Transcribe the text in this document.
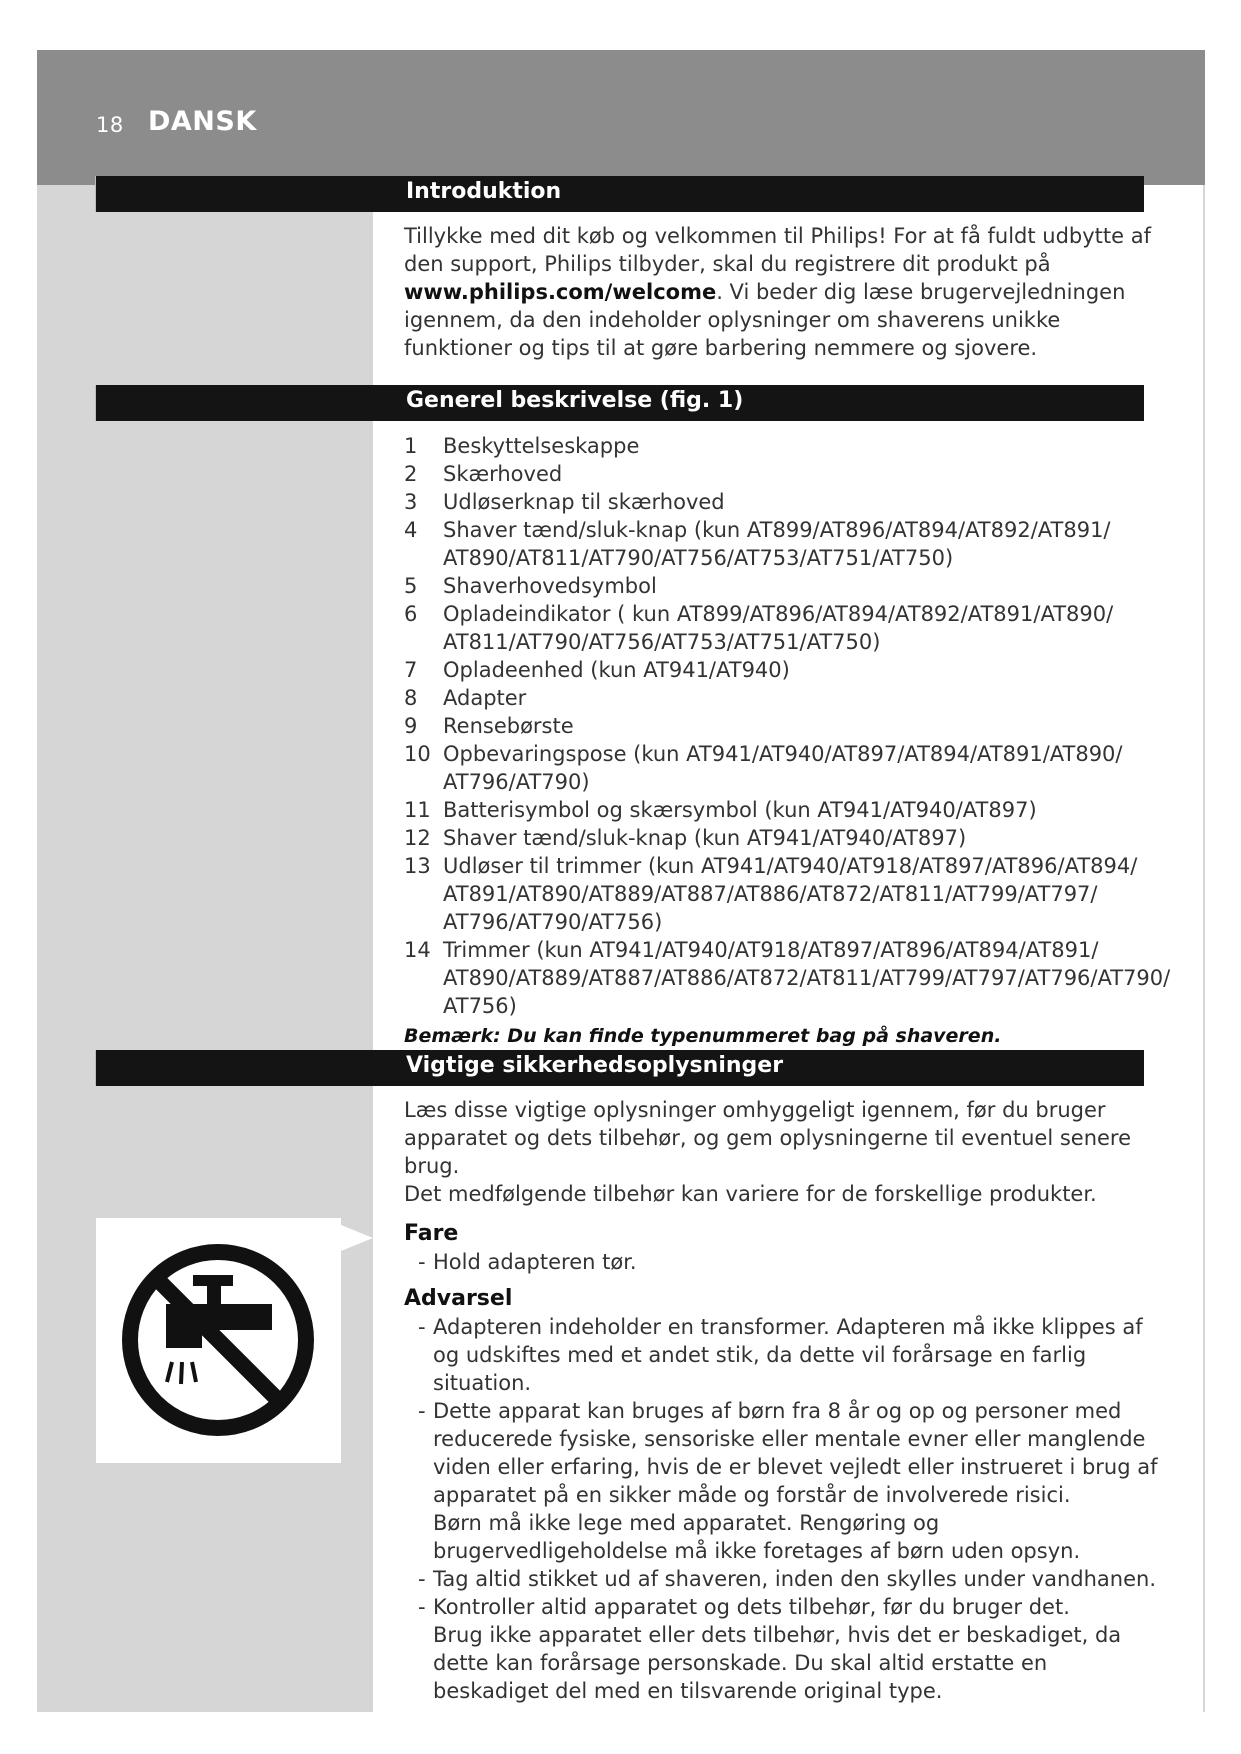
18 DANSK
Introduktion

Tillykke med dit køb og velkommen til Philips! For at få fuldt udbytte af den support, Philips tilbyder, skal du registrere dit produkt på www.philips.com/welcome. Vi beder dig læse brugervejledningen igennem, da den indeholder oplysninger om shaverens unikke funktioner og tips til at gøre barbering nemmere og sjovere.

Generel beskrivelse (fig. 1)
1	Beskyttelseskappe
2	Skærhoved
3	Udløserknap til skærhoved
4	Shaver tænd/sluk-knap (kun AT899/AT896/AT894/AT892/AT891/
AT890/AT811/AT790/AT756/AT753/AT751/AT750)
5	Shaverhovedsymbol
6	Opladeindikator ( kun AT899/AT896/AT894/AT892/AT891/AT890/
AT811/AT790/AT756/AT753/AT751/AT750)
7	Opladeenhed (kun AT941/AT940)
8	Adapter
9	Rensebørste
10 Opbevaringspose (kun AT941/AT940/AT897/AT894/AT891/AT890/
AT796/AT790)
11 Batterisymbol og skærsymbol (kun AT941/AT940/AT897)
12 Shaver tænd/sluk-knap (kun AT941/AT940/AT897)
13 Udløser til trimmer (kun AT941/AT940/AT918/AT897/AT896/AT894/
AT891/AT890/AT889/AT887/AT886/AT872/AT811/AT799/AT797/ AT796/AT790/AT756)
14 Trimmer (kun AT941/AT940/AT918/AT897/AT896/AT894/AT891/
AT890/AT889/AT887/AT886/AT872/AT811/AT799/AT797/AT796/AT790/ AT756)
Bemærk: Du kan finde typenummeret bag på shaveren.
Vigtige sikkerhedsoplysninger

Læs disse vigtige oplysninger omhyggeligt igennem, før du bruger apparatet og dets tilbehør, og gem oplysningerne til eventuel senere brug.

Det medfølgende tilbehør kan variere for de forskellige produkter.

Fare
- Hold adapteren tør.
Advarsel
- Adapteren indeholder en transformer. Adapteren må ikke klippes af og udskiftes med et andet stik, da dette vil forårsage en farlig situation.
- Dette apparat kan bruges af børn fra 8 år og op og personer med reducerede fysiske, sensoriske eller mentale evner eller manglende viden eller erfaring, hvis de er blevet vejledt eller instrueret i brug af apparatet på en sikker måde og forstår de involverede risici.
Børn må ikke lege med apparatet. Rengøring og brugervedligeholdelse må ikke foretages af børn uden opsyn.
- Tag altid stikket ud af shaveren, inden den skylles under vandhanen.
- Kontroller altid apparatet og dets tilbehør, før du bruger det.
Brug ikke apparatet eller dets tilbehør, hvis det er beskadiget, da dette kan forårsage personskade. Du skal altid erstatte en beskadiget del med en tilsvarende original type.
